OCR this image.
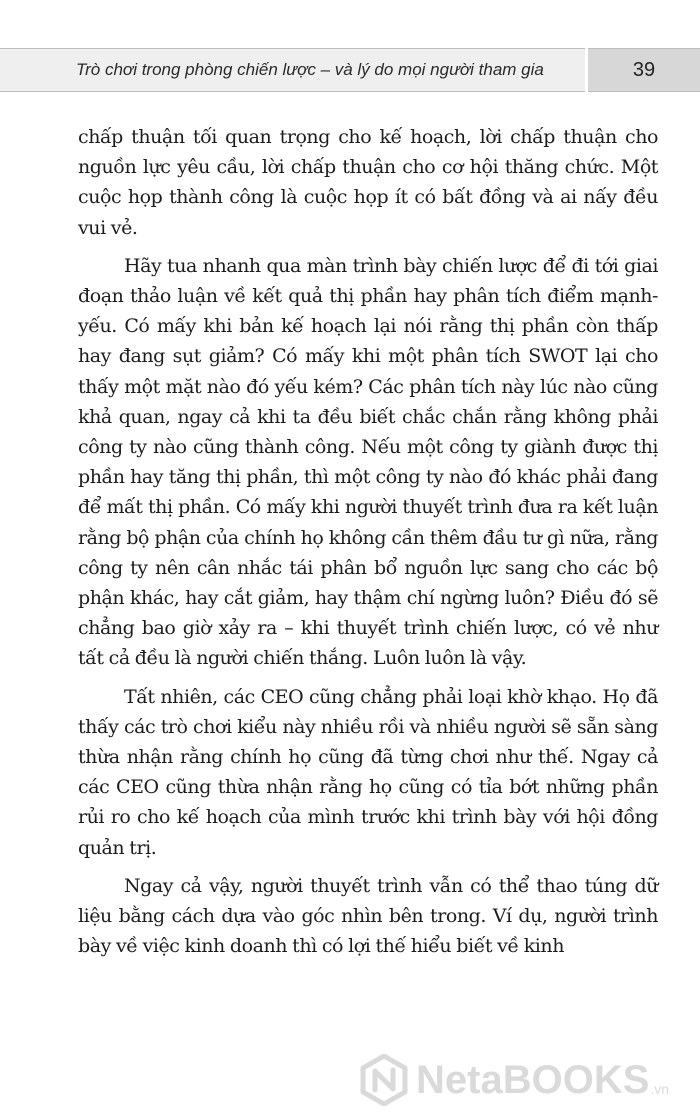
Trò chơi trong phòng chiến lược – và lý do mọi người tham gia	39

chấp thuận tối quan trọng cho kế hoạch, lời chấp thuận cho nguồn lực yêu cầu, lời chấp thuận cho cơ hội thăng chức. Một cuộc họp thành công là cuộc họp ít có bất đồng và ai nấy đều vui vẻ.

Hãy tua nhanh qua màn trình bày chiến lược để đi tới giai đoạn thảo luận về kết quả thị phần hay phân tích điểm mạnh-yếu. Có mấy khi bản kế hoạch lại nói rằng thị phần còn thấp hay đang sụt giảm? Có mấy khi một phân tích SWOT lại cho thấy một mặt nào đó yếu kém? Các phân tích này lúc nào cũng khả quan, ngay cả khi ta đều biết chắc chắn rằng không phải công ty nào cũng thành công. Nếu một công ty giành được thị phần hay tăng thị phần, thì một công ty nào đó khác phải đang để mất thị phần. Có mấy khi người thuyết trình đưa ra kết luận rằng bộ phận của chính họ không cần thêm đầu tư gì nữa, rằng công ty nên cân nhắc tái phân bổ nguồn lực sang cho các bộ phận khác, hay cắt giảm, hay thậm chí ngừng luôn? Điều đó sẽ chẳng bao giờ xảy ra – khi thuyết trình chiến lược, có vẻ như tất cả đều là người chiến thắng. Luôn luôn là vậy.

Tất nhiên, các CEO cũng chẳng phải loại khờ khạo. Họ đã thấy các trò chơi kiểu này nhiều rồi và nhiều người sẽ sẵn sàng thừa nhận rằng chính họ cũng đã từng chơi như thế. Ngay cả các CEO cũng thừa nhận rằng họ cũng có tỉa bớt những phần rủi ro cho kế hoạch của mình trước khi trình bày với hội đồng quản trị.

Ngay cả vậy, người thuyết trình vẫn có thể thao túng dữ liệu bằng cách dựa vào góc nhìn bên trong. Ví dụ, người trình bày về việc kinh doanh thì có lợi thế hiểu biết về kinh

NetaBOOKS .vn
